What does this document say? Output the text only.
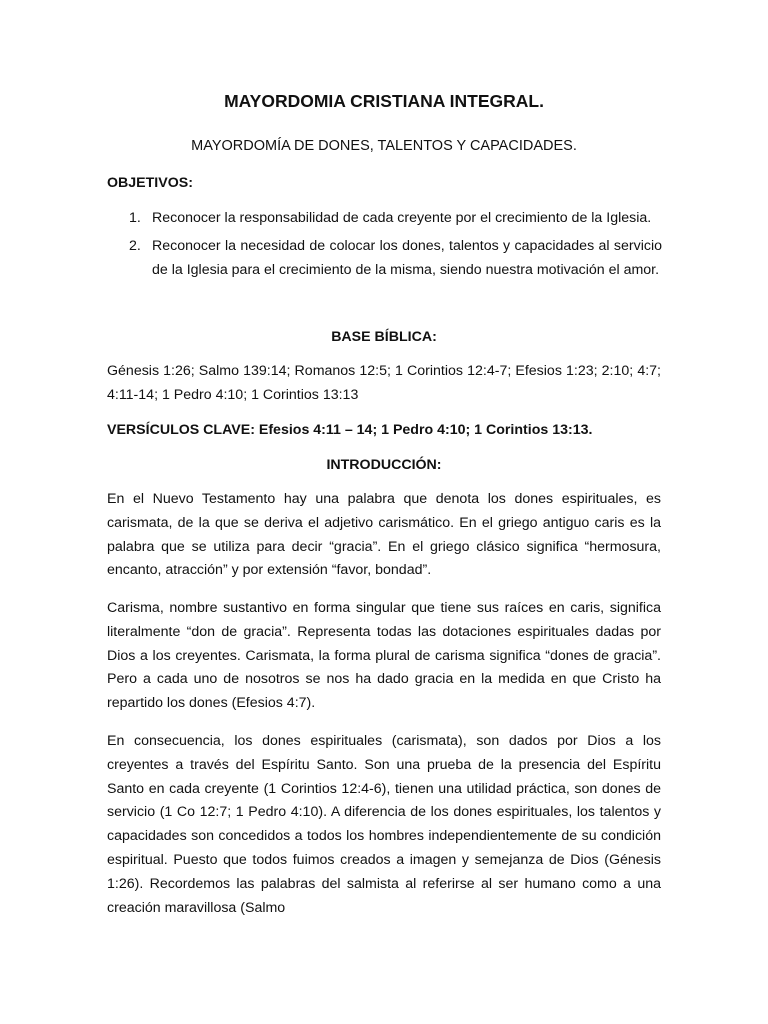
MAYORDOMIA CRISTIANA INTEGRAL.

MAYORDOMÍA DE DONES, TALENTOS Y CAPACIDADES.

OBJETIVOS:

1. Reconocer la responsabilidad de cada creyente por el crecimiento de la Iglesia.
2. Reconocer la necesidad de colocar los dones, talentos y capacidades al servicio de la Iglesia para el crecimiento de la misma, siendo nuestra motivación el amor.

BASE BÍBLICA:

Génesis 1:26; Salmo 139:14; Romanos 12:5; 1 Corintios 12:4-7; Efesios 1:23; 2:10; 4:7; 4:11-14; 1 Pedro 4:10; 1 Corintios 13:13

VERSÍCULOS CLAVE: Efesios 4:11 – 14; 1 Pedro 4:10; 1 Corintios 13:13.

INTRODUCCIÓN:

En el Nuevo Testamento hay una palabra que denota los dones espirituales, es carismata, de la que se deriva el adjetivo carismático. En el griego antiguo caris es la palabra que se utiliza para decir “gracia”. En el griego clásico significa “hermosura, encanto, atracción” y por extensión “favor, bondad”.

Carisma, nombre sustantivo en forma singular que tiene sus raíces en caris, significa literalmente “don de gracia”. Representa todas las dotaciones espirituales dadas por Dios a los creyentes. Carismata, la forma plural de carisma significa “dones de gracia”. Pero a cada uno de nosotros se nos ha dado gracia en la medida en que Cristo ha repartido los dones (Efesios 4:7).

En consecuencia, los dones espirituales (carismata), son dados por Dios a los creyentes a través del Espíritu Santo. Son una prueba de la presencia del Espíritu Santo en cada creyente (1 Corintios 12:4-6), tienen una utilidad práctica, son dones de servicio (1 Co 12:7; 1 Pedro 4:10). A diferencia de los dones espirituales, los talentos y capacidades son concedidos a todos los hombres independientemente de su condición espiritual. Puesto que todos fuimos creados a imagen y semejanza de Dios (Génesis 1:26). Recordemos las palabras del salmista al referirse al ser humano como a una creación maravillosa (Salmo
